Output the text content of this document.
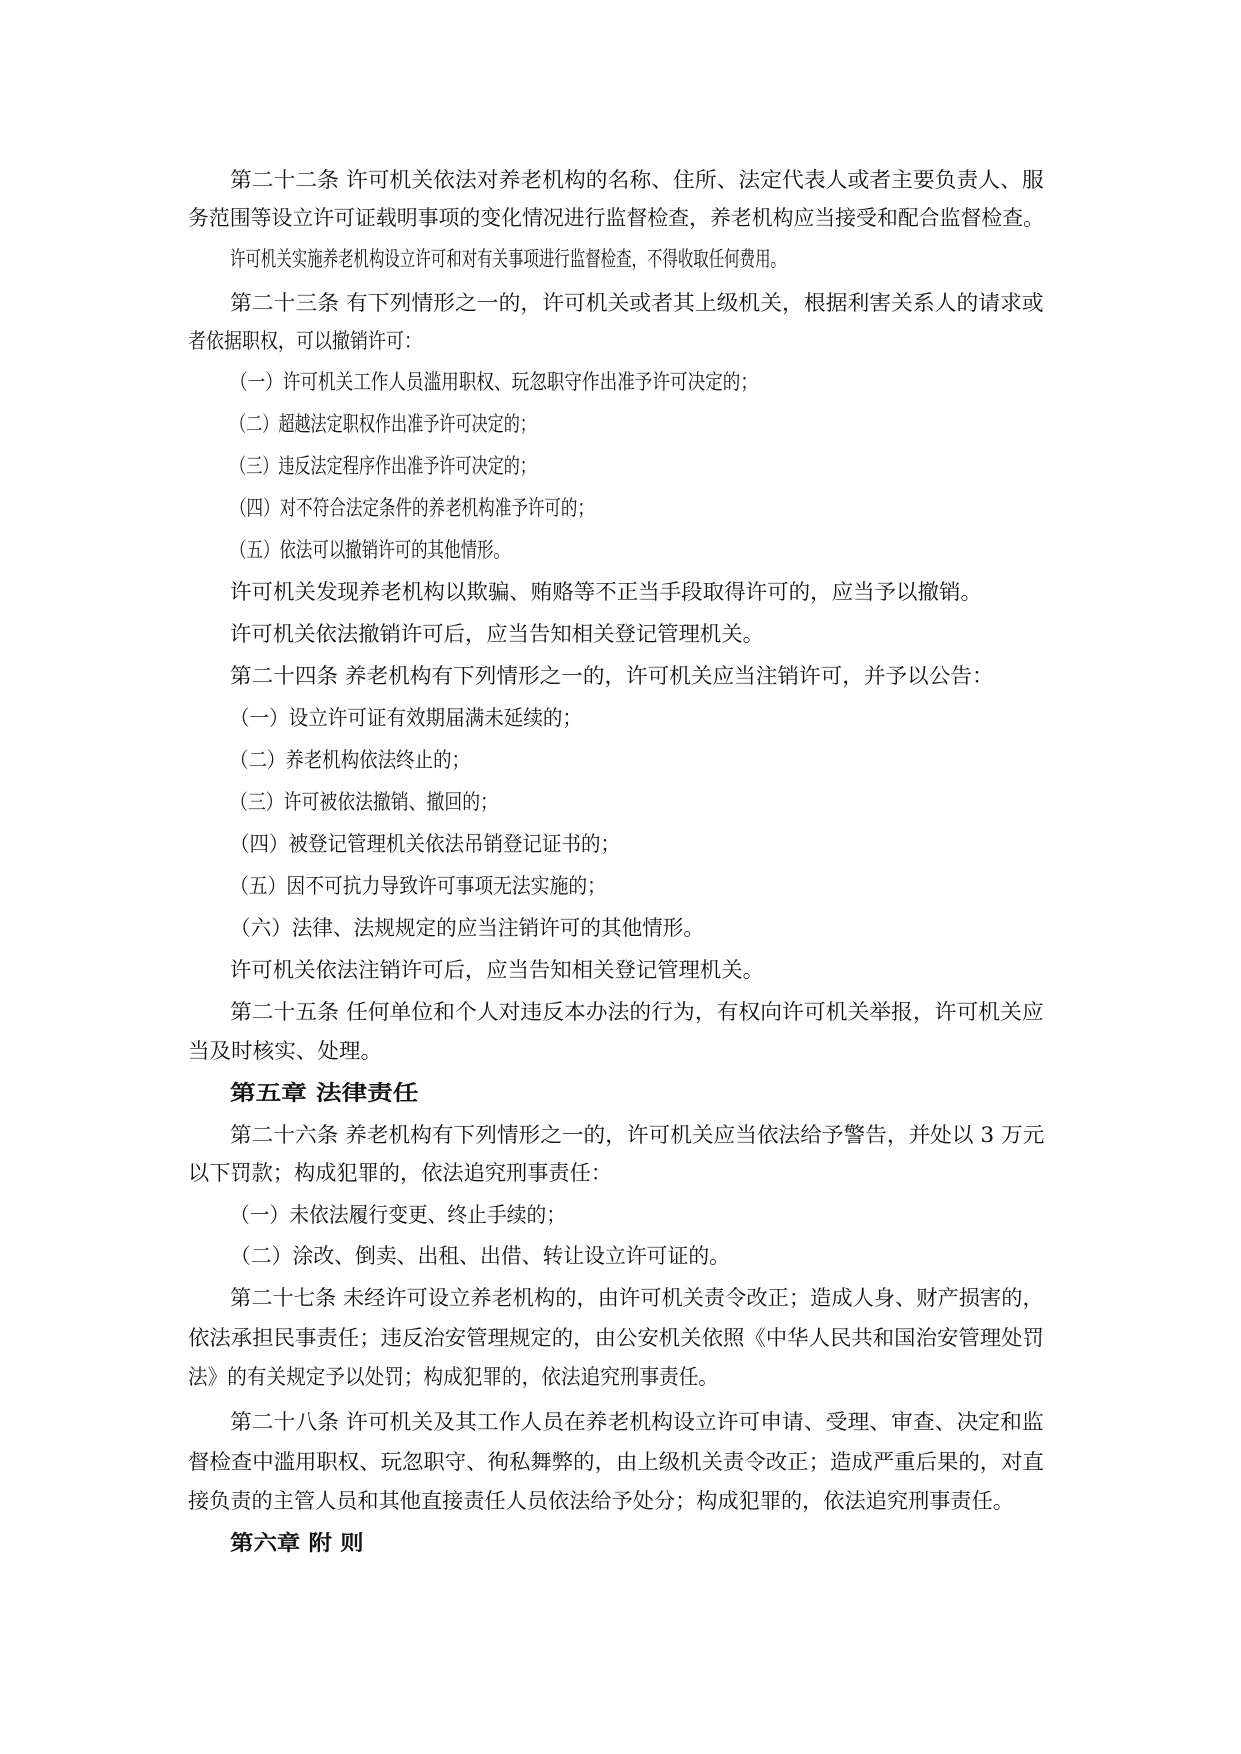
第二十二条 许可机关依法对养老机构的名称、住所、法定代表人或者主要负责人、服
务范围等设立许可证载明事项的变化情况进行监督检查，养老机构应当接受和配合监督检查。
许可机关实施养老机构设立许可和对有关事项进行监督检查，不得收取任何费用。
第二十三条 有下列情形之一的，许可机关或者其上级机关，根据利害关系人的请求或
者依据职权，可以撤销许可：
（一）许可机关工作人员滥用职权、玩忽职守作出准予许可决定的；
（二）超越法定职权作出准予许可决定的；
（三）违反法定程序作出准予许可决定的；
（四）对不符合法定条件的养老机构准予许可的；
（五）依法可以撤销许可的其他情形。
许可机关发现养老机构以欺骗、贿赂等不正当手段取得许可的，应当予以撤销。
许可机关依法撤销许可后，应当告知相关登记管理机关。
第二十四条 养老机构有下列情形之一的，许可机关应当注销许可，并予以公告：
（一）设立许可证有效期届满未延续的；
（二）养老机构依法终止的；
（三）许可被依法撤销、撤回的；
（四）被登记管理机关依法吊销登记证书的；
（五）因不可抗力导致许可事项无法实施的；
（六）法律、法规规定的应当注销许可的其他情形。
许可机关依法注销许可后，应当告知相关登记管理机关。
第二十五条 任何单位和个人对违反本办法的行为，有权向许可机关举报，许可机关应
当及时核实、处理。
第五章 法律责任
第二十六条 养老机构有下列情形之一的，许可机关应当依法给予警告，并处以 3 万元
以下罚款；构成犯罪的，依法追究刑事责任：
（一）未依法履行变更、终止手续的；
（二）涂改、倒卖、出租、出借、转让设立许可证的。
第二十七条 未经许可设立养老机构的，由许可机关责令改正；造成人身、财产损害的，
依法承担民事责任；违反治安管理规定的，由公安机关依照《中华人民共和国治安管理处罚
法》的有关规定予以处罚；构成犯罪的，依法追究刑事责任。
第二十八条 许可机关及其工作人员在养老机构设立许可申请、受理、审查、决定和监
督检查中滥用职权、玩忽职守、徇私舞弊的，由上级机关责令改正；造成严重后果的，对直
接负责的主管人员和其他直接责任人员依法给予处分；构成犯罪的，依法追究刑事责任。
第六章 附 则
